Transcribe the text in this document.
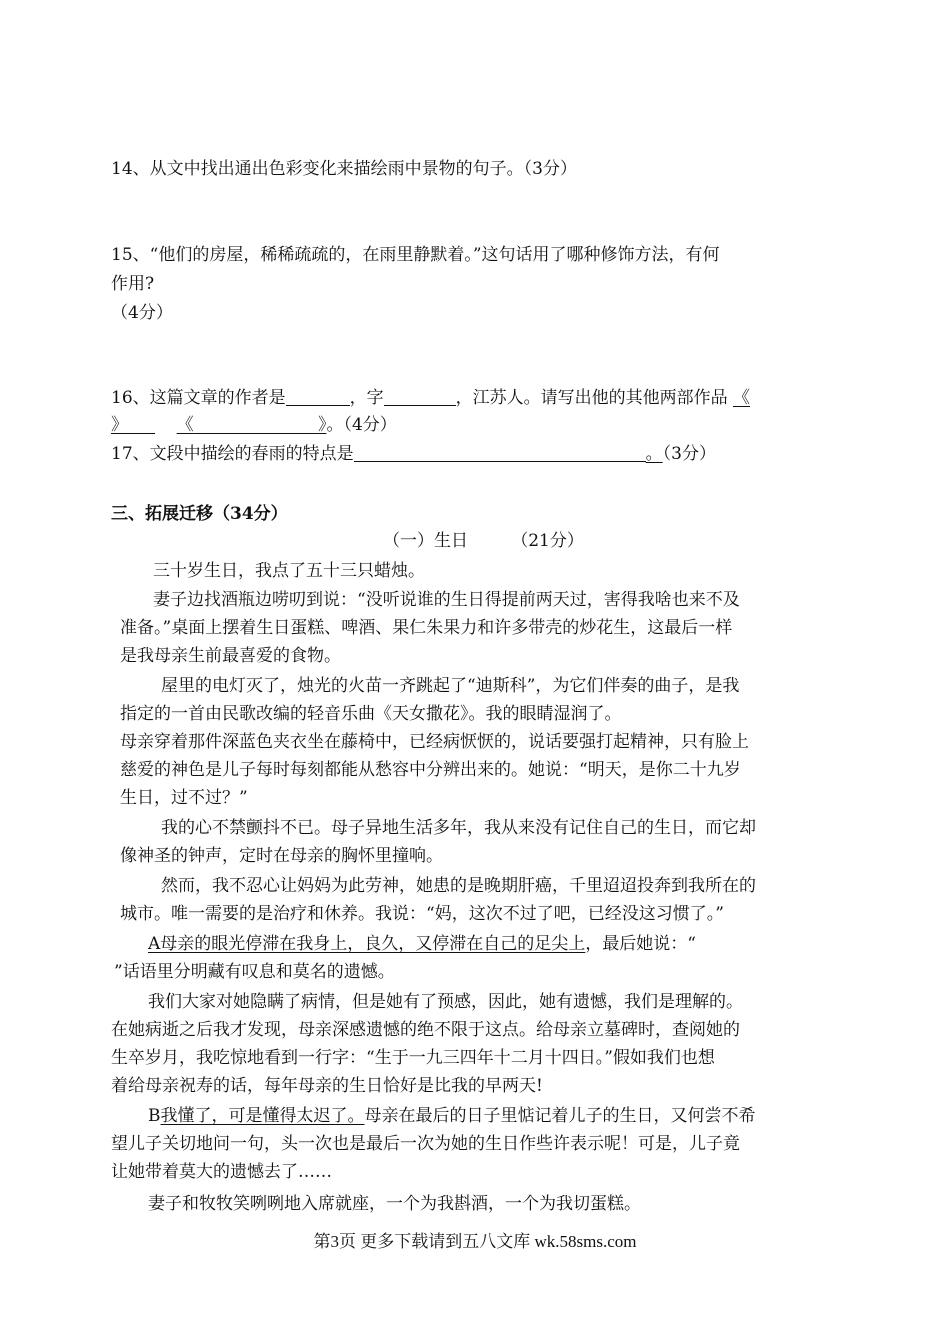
14、从文中找出通出色彩变化来描绘雨中景物的句子。（3分）
15、“他们的房屋，稀稀疏疏的，在雨里静默着。”这句话用了哪种修饰方法，有何
作用?
（4分）
16、这篇文章的作者是	，字	，江苏人。请写出他的其他两部作品 《
》	《	》。（4分）
17、文段中描绘的春雨的特点是	。（3分）
三、拓展迁移（34分）
（一）生日        （21分）
三十岁生日，我点了五十三只蜡烛。
妻子边找酒瓶边唠叨到说：“没听说谁的生日得提前两天过，害得我啥也来不及
准备。”桌面上摆着生日蛋糕、啤酒、果仁朱果力和许多带壳的炒花生，这最后一样
是我母亲生前最喜爱的食物。
屋里的电灯灭了，烛光的火苗一齐跳起了“迪斯科”，为它们伴奏的曲子，是我
指定的一首由民歌改编的轻音乐曲《天女撒花》。我的眼睛湿润了。
母亲穿着那件深蓝色夹衣坐在藤椅中，已经病恹恹的，说话要强打起精神，只有脸上
慈爱的神色是儿子每时每刻都能从愁容中分辨出来的。她说：“明天，是你二十九岁
生日，过不过？”
我的心不禁颤抖不已。母子异地生活多年，我从来没有记住自己的生日，而它却
像神圣的钟声，定时在母亲的胸怀里撞响。
然而，我不忍心让妈妈为此劳神，她患的是晚期肝癌，千里迢迢投奔到我所在的
城市。唯一需要的是治疗和休养。我说：“妈，这次不过了吧，已经没这习惯了。”
A母亲的眼光停滞在我身上，良久，又停滞在自己的足尖上，最后她说：“
”话语里分明藏有叹息和莫名的遗憾。
我们大家对她隐瞒了病情，但是她有了预感，因此，她有遗憾，我们是理解的。
在她病逝之后我才发现，母亲深感遗憾的绝不限于这点。给母亲立墓碑时，查阅她的
生卒岁月，我吃惊地看到一行字：“生于一九三四年十二月十四日。”假如我们也想
着给母亲祝寿的话，每年母亲的生日恰好是比我的早两天!
B我懂了，可是懂得太迟了。母亲在最后的日子里惦记着儿子的生日，又何尝不希
望儿子关切地问一句，头一次也是最后一次为她的生日作些许表示呢！可是，儿子竟
让她带着莫大的遗憾去了……
妻子和牧牧笑咧咧地入席就座，一个为我斟酒，一个为我切蛋糕。
第3页 更多下载请到五八文库 wk.58sms.com
